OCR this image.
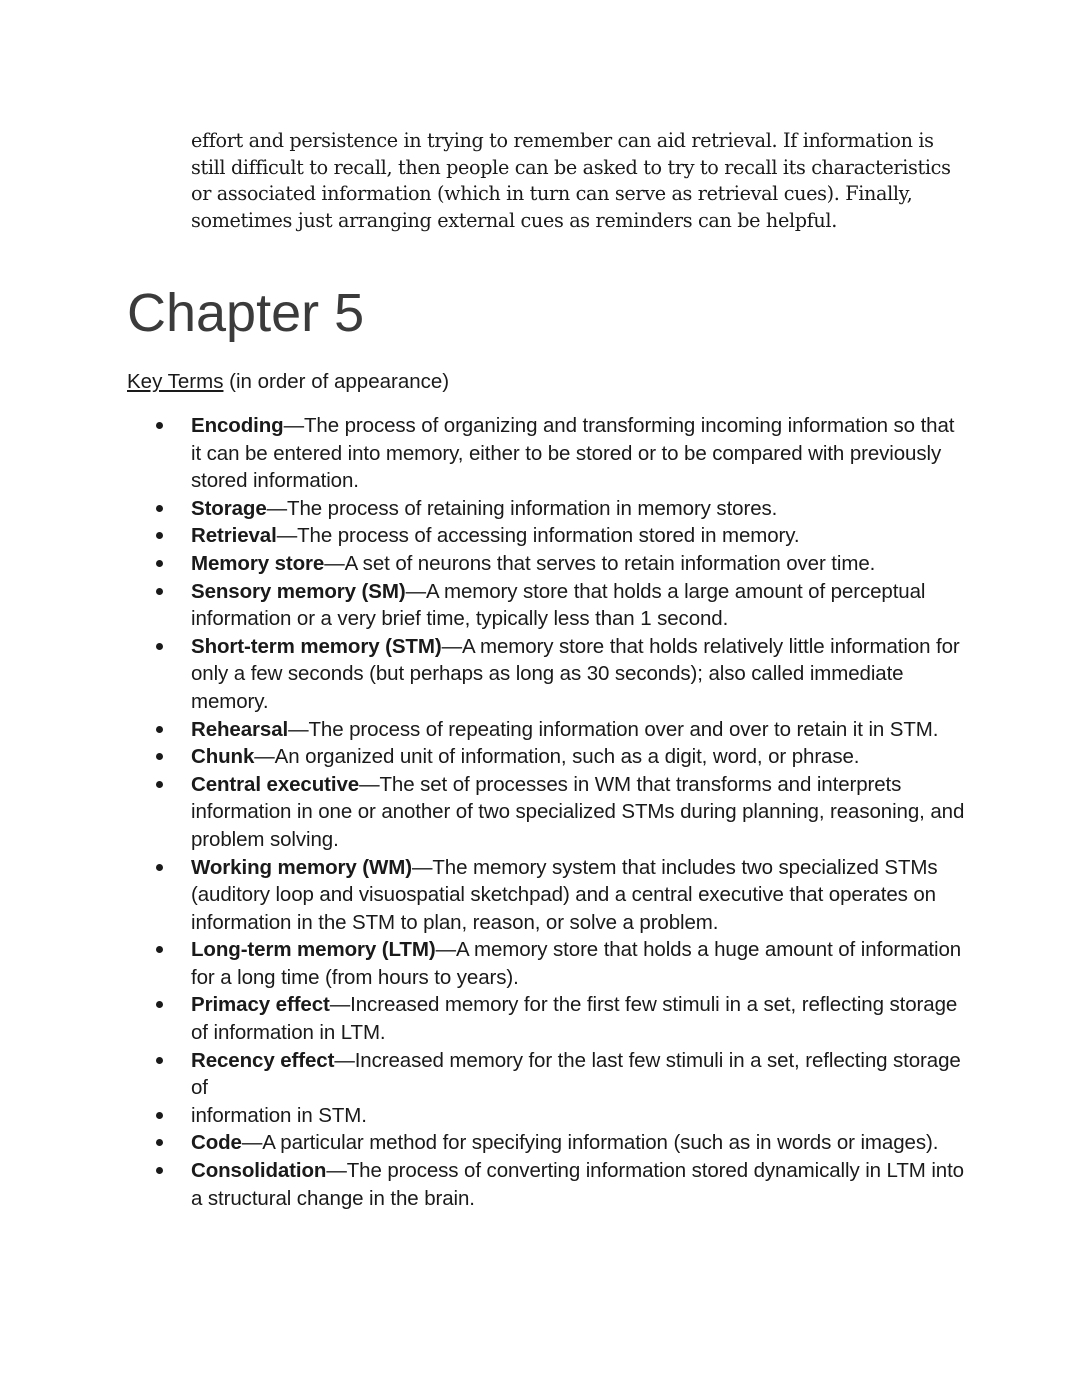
effort and persistence in trying to remember can aid retrieval. If information is still difficult to recall, then people can be asked to try to recall its characteristics or associated information (which in turn can serve as retrieval cues). Finally, sometimes just arranging external cues as reminders can be helpful.

Chapter 5

Key Terms (in order of appearance)

Encoding—The process of organizing and transforming incoming information so that it can be entered into memory, either to be stored or to be compared with previously stored information.
Storage—The process of retaining information in memory stores.
Retrieval—The process of accessing information stored in memory.
Memory store—A set of neurons that serves to retain information over time.
Sensory memory (SM)—A memory store that holds a large amount of perceptual information or a very brief time, typically less than 1 second.
Short-term memory (STM)—A memory store that holds relatively little information for only a few seconds (but perhaps as long as 30 seconds); also called immediate memory.
Rehearsal—The process of repeating information over and over to retain it in STM.
Chunk—An organized unit of information, such as a digit, word, or phrase.
Central executive—The set of processes in WM that transforms and interprets information in one or another of two specialized STMs during planning, reasoning, and problem solving.
Working memory (WM)—The memory system that includes two specialized STMs (auditory loop and visuospatial sketchpad) and a central executive that operates on information in the STM to plan, reason, or solve a problem.
Long-term memory (LTM)—A memory store that holds a huge amount of information for a long time (from hours to years).
Primacy effect—Increased memory for the first few stimuli in a set, reflecting storage of information in LTM.
Recency effect—Increased memory for the last few stimuli in a set, reflecting storage of
information in STM.
Code—A particular method for specifying information (such as in words or images).
Consolidation—The process of converting information stored dynamically in LTM into a structural change in the brain.
